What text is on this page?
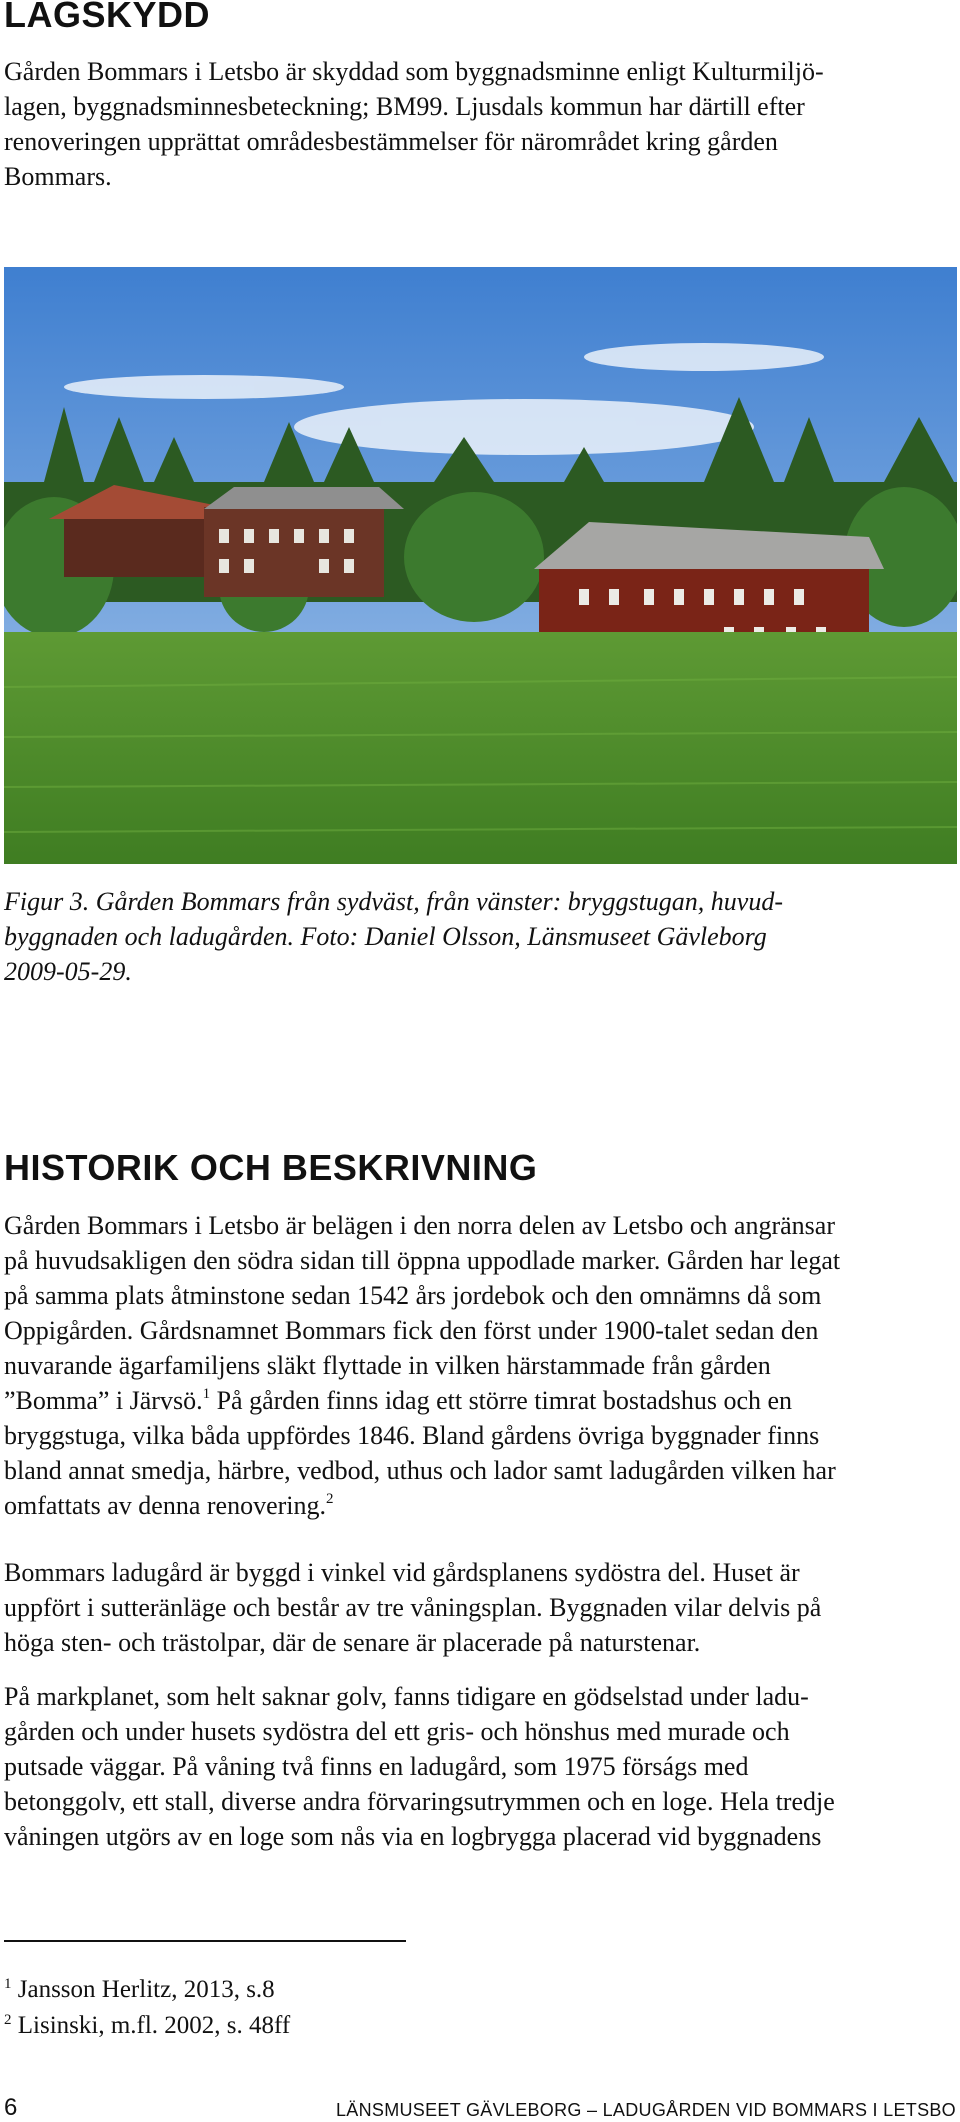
LAGSKYDD

Gården Bommars i Letsbo är skyddad som byggnadsminne enligt Kulturmiljö-

lagen, byggnadsminnesbeteckning; BM99. Ljusdals kommun har därtill efter

renoveringen upprättat områdesbestämmelser för närområdet kring gården

Bommars.

Figur 3. Gården Bommars från sydväst, från vänster: bryggstugan, huvud-

byggnaden och ladugården. Foto: Daniel Olsson, Länsmuseet Gävleborg

2009-05-29.

HISTORIK OCH BESKRIVNING

Gården Bommars i Letsbo är belägen i den norra delen av Letsbo och angränsar

på huvudsakligen den södra sidan till öppna uppodlade marker. Gården har legat

på samma plats åtminstone sedan 1542 års jordebok och den omnämns då som

Oppigården. Gårdsnamnet Bommars fick den först under 1900-talet sedan den

nuvarande ägarfamiljens släkt flyttade in vilken härstammade från gården

”Bomma” i Järvsö.$^1$ På gården finns idag ett större timrat bostadshus och en

bryggstuga, vilka båda uppfördes 1846. Bland gårdens övriga byggnader finns

bland annat smedja, härbre, vedbod, uthus och lador samt ladugården vilken har

omfattats av denna renovering.$^2$

Bommars ladugård är byggd i vinkel vid gårdsplanens sydöstra del. Huset är

uppfört i sutteränläge och består av tre våningsplan. Byggnaden vilar delvis på

höga sten- och trästolpar, där de senare är placerade på naturstenar.

På markplanet, som helt saknar golv, fanns tidigare en gödselstad under ladu-

gården och under husets sydöstra del ett gris- och hönshus med murade och

putsade väggar. På våning två finns en ladugård, som 1975 förságs med

betonggolv, ett stall, diverse andra förvaringsutrymmen och en loge. Hela tredje

våningen utgörs av en loge som nås via en logbrygga placerad vid byggnadens

$^1$ Jansson Herlitz, 2013, s.8

$^2$ Lisinski, m.fl. 2002, s. 48ff

6	LÄNSMUSEET GÄVLEBORG – LADUGÅRDEN VID BOMMARS I LETSBO
